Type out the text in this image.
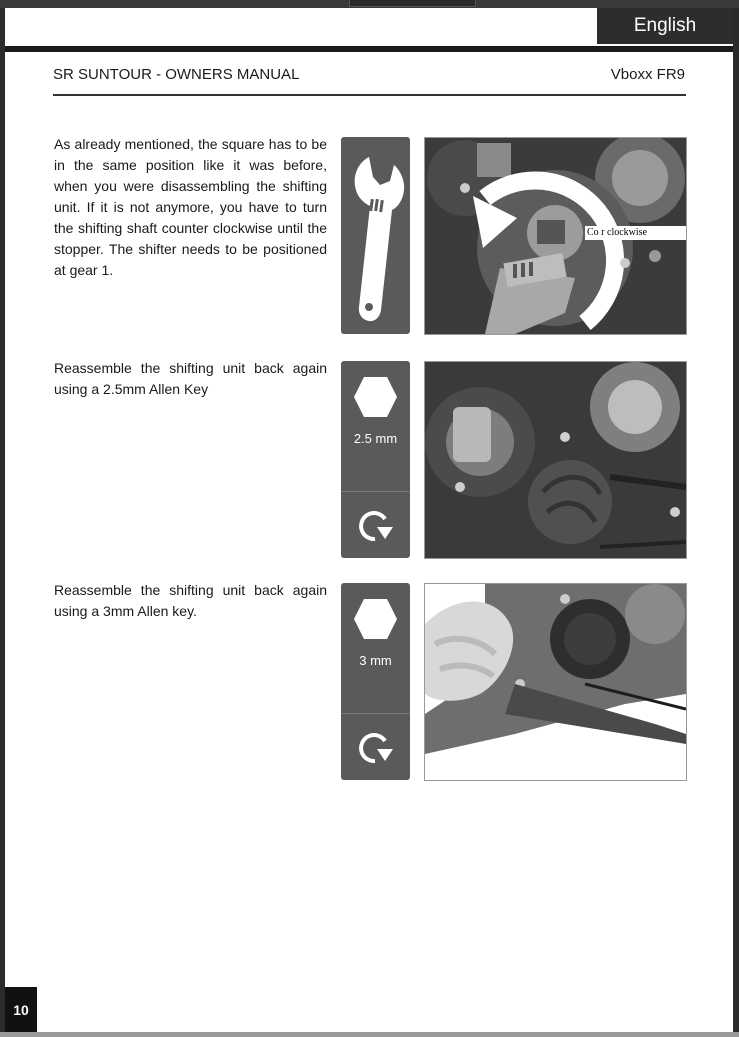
English
SR SUNTOUR - OWNERS MANUAL	Vboxx FR9
As already mentioned, the square has to be in the same position like it was before, when you were disassembling the shifting unit. If it is not anymore, you have to turn the shifting shaft counter clockwise until the stopper. The shifter needs to be positioned at gear 1.
Co r clockwise
Reassemble the shifting unit back again using a 2.5mm Allen Key
2.5 mm
Reassemble the shifting unit back again using a 3mm Allen key.
3 mm
10
